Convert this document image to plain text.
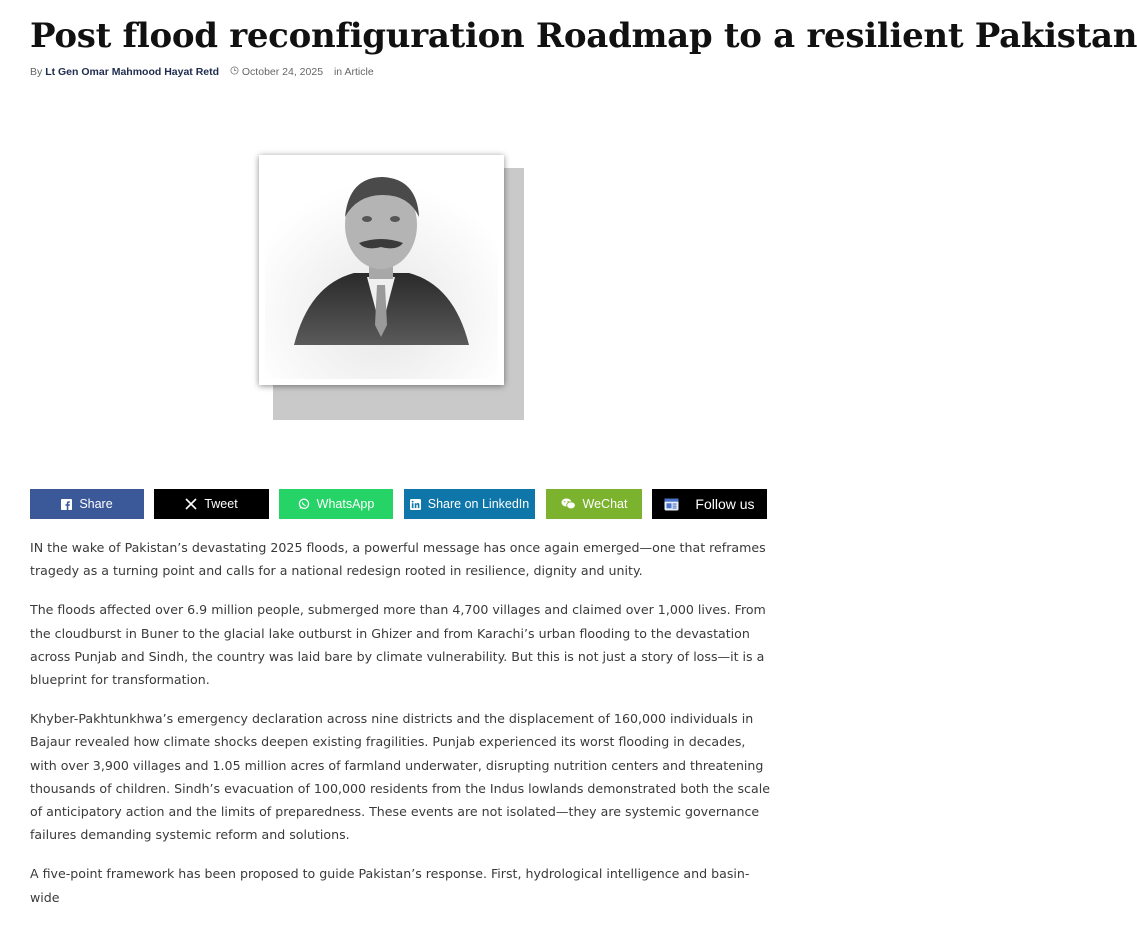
Post flood reconfiguration Roadmap to a resilient Pakistan
By Lt Gen Omar Mahmood Hayat Retd October 24, 2025 in Article
Share	Tweet	WhatsApp	Share on LinkedIn	WeChat	Follow us

IN the wake of Pakistan’s devastating 2025 floods, a powerful message has once again emerged—one that reframes tragedy as a turning point and calls for a national redesign rooted in resilience, dignity and unity.

The floods affected over 6.9 million people, submerged more than 4,700 villages and claimed over 1,000 lives. From the cloudburst in Buner to the glacial lake outburst in Ghizer and from Karachi’s urban flooding to the devastation across Punjab and Sindh, the country was laid bare by climate vulnerability. But this is not just a story of loss—it is a blueprint for transformation.

Khyber-Pakhtunkhwa’s emergency declaration across nine districts and the displacement of 160,000 individuals in Bajaur revealed how climate shocks deepen existing fragilities. Punjab experienced its worst flooding in decades, with over 3,900 villages and 1.05 million acres of farmland underwater, disrupting nutrition centers and threatening thousands of children. Sindh’s evacuation of 100,000 residents from the Indus lowlands demonstrated both the scale of anticipatory action and the limits of preparedness. These events are not isolated—they are systemic governance failures demanding systemic reform and solutions.

A five-point framework has been proposed to guide Pakistan’s response. First, hydrological intelligence and basin-wide
